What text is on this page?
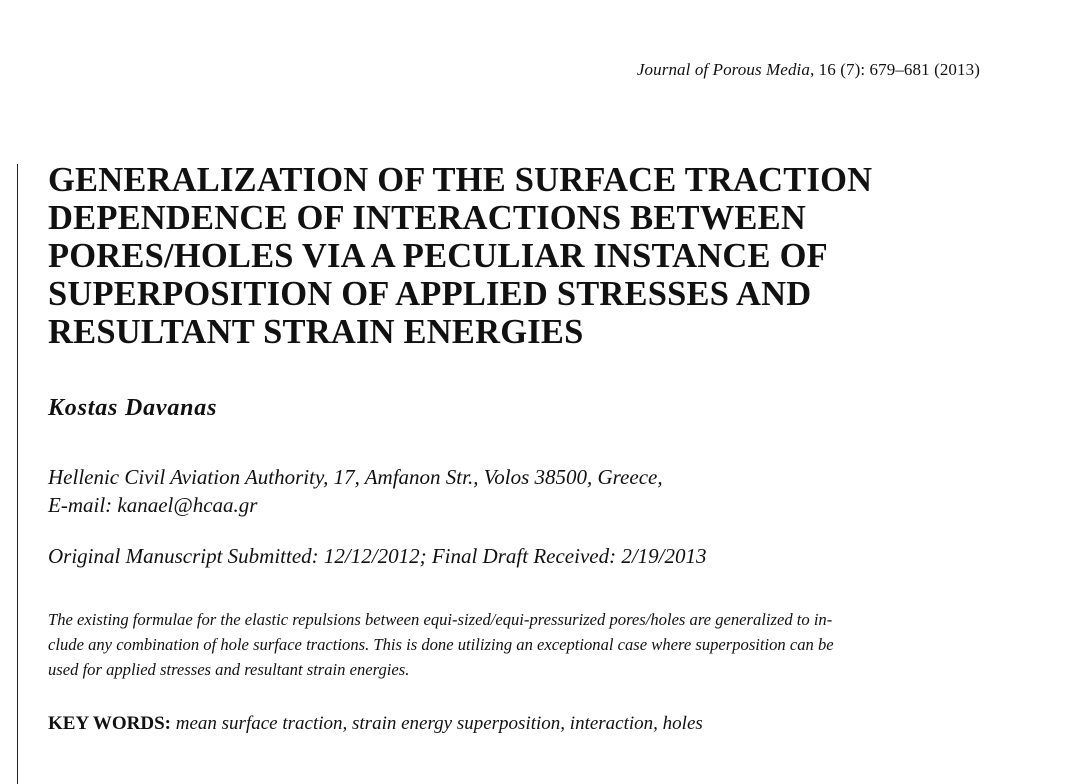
Journal of Porous Media, 16 (7): 679–681 (2013)
GENERALIZATION OF THE SURFACE TRACTION
DEPENDENCE OF INTERACTIONS BETWEEN
PORES/HOLES VIA A PECULIAR INSTANCE OF
SUPERPOSITION OF APPLIED STRESSES AND
RESULTANT STRAIN ENERGIES
Kostas Davanas
Hellenic Civil Aviation Authority, 17, Amfanon Str., Volos 38500, Greece,
E-mail: kanael@hcaa.gr
Original Manuscript Submitted: 12/12/2012; Final Draft Received: 2/19/2013
The existing formulae for the elastic repulsions between equi-sized/equi-pressurized pores/holes are generalized to in-
clude any combination of hole surface tractions. This is done utilizing an exceptional case where superposition can be
used for applied stresses and resultant strain energies.
KEY WORDS: mean surface traction, strain energy superposition, interaction, holes
